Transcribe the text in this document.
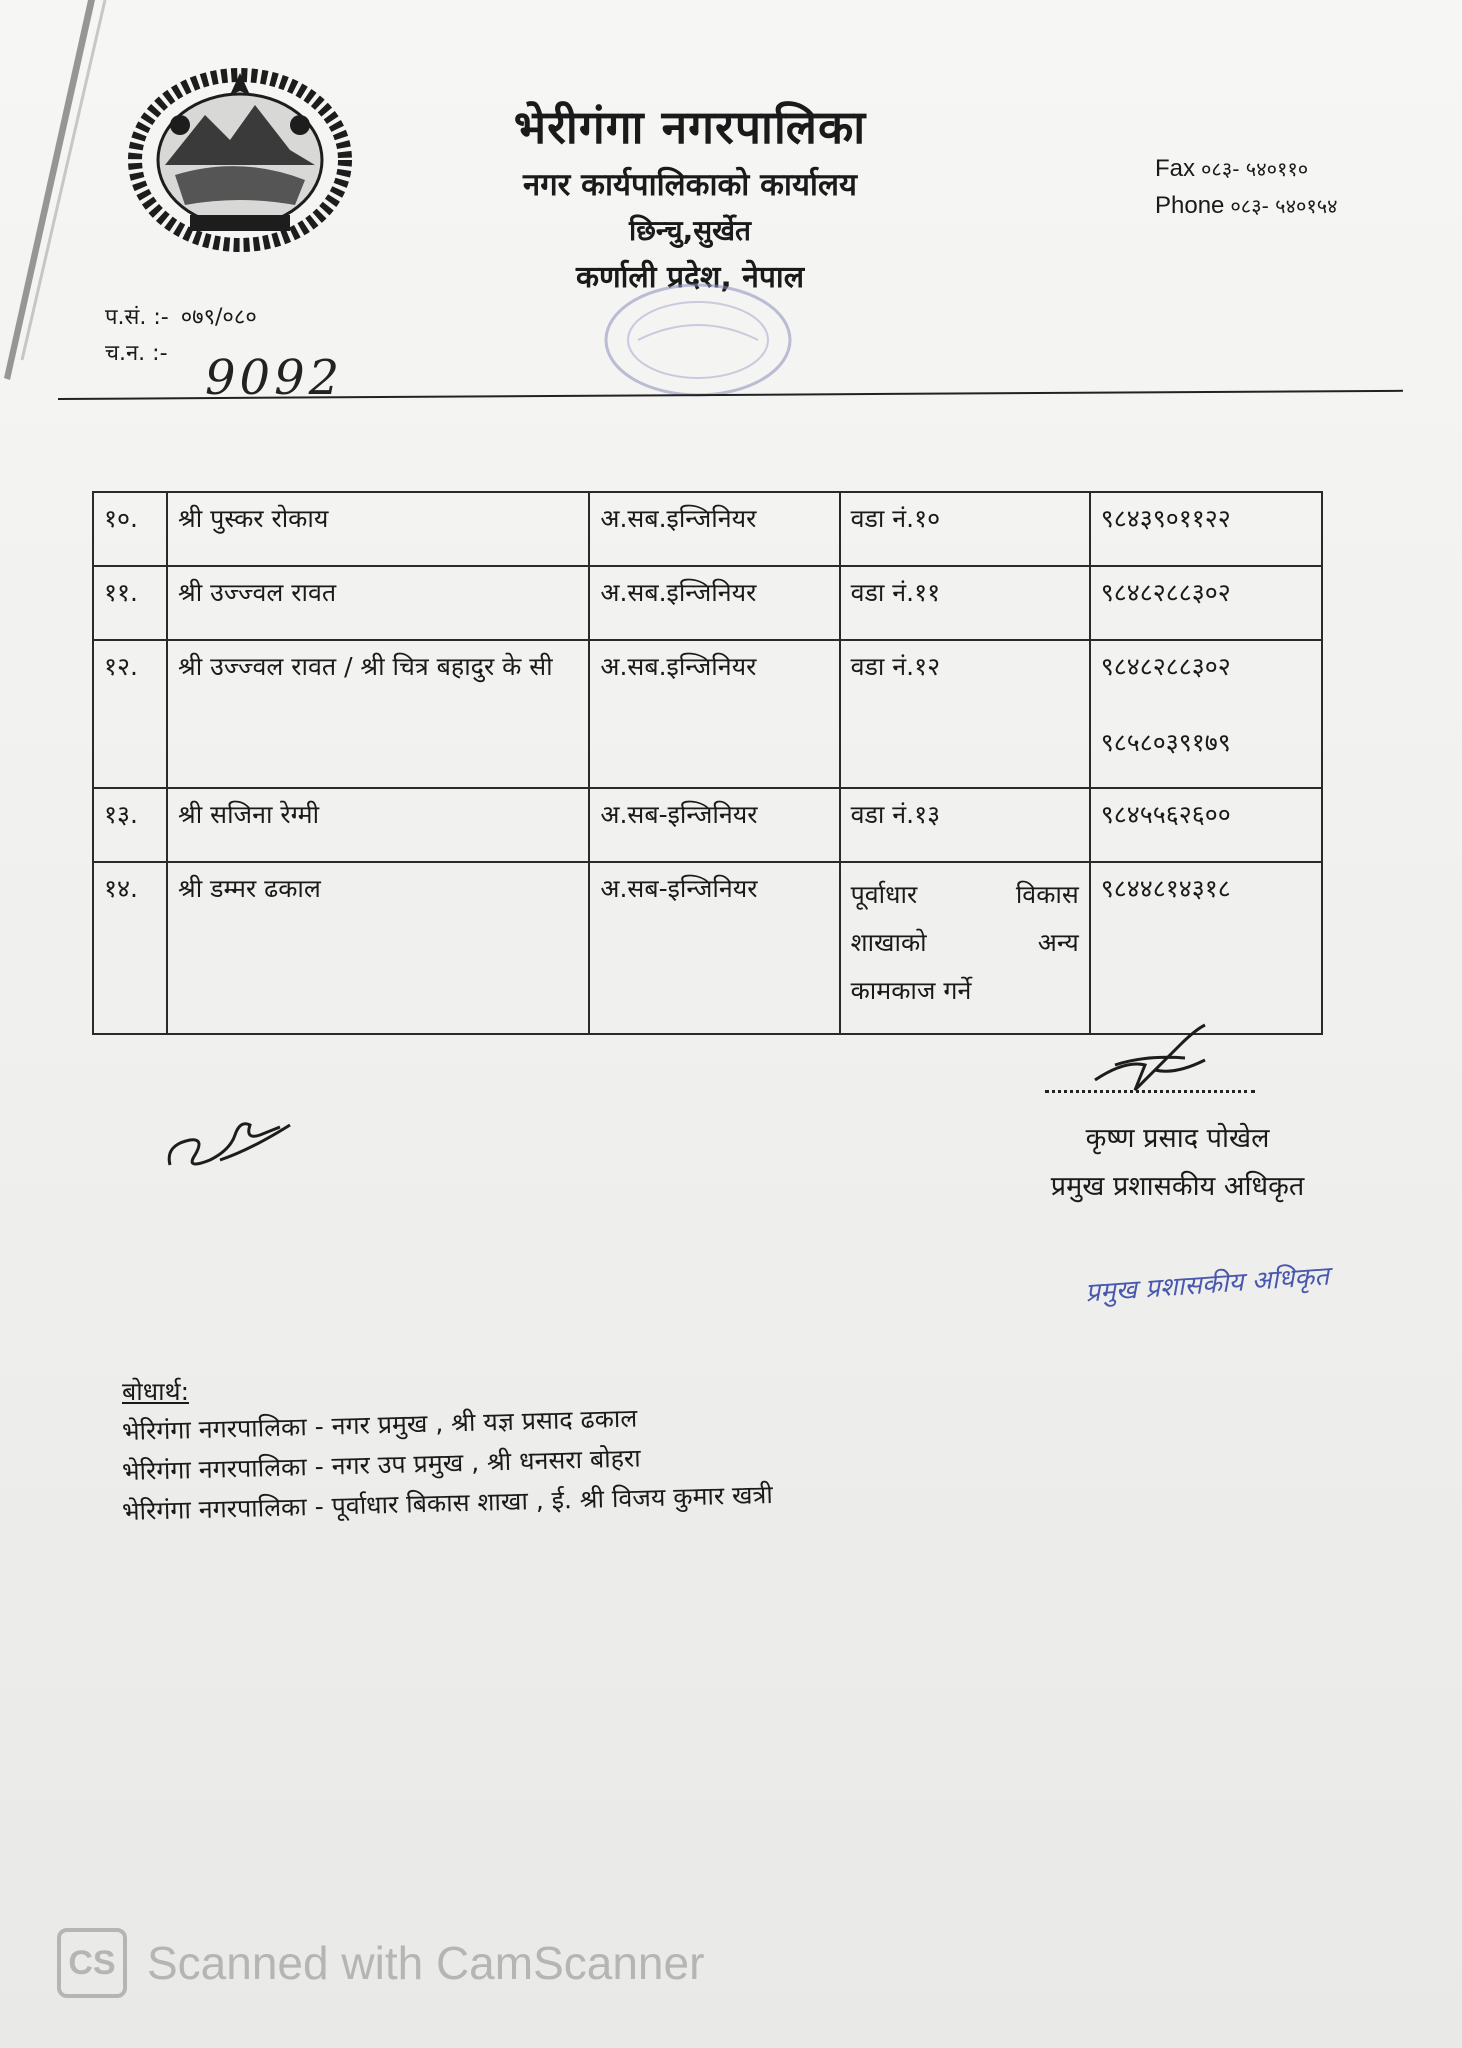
भेरीगंगा नगरपालिका
नगर कार्यपालिकाको कार्यालय
छिन्चु,सुर्खेत
कर्णाली प्रदेश, नेपाल
Fax ०८३- ५४०११०
Phone ०८३- ५४०१५४
प.सं. :- ०७९/०८०
च.न. :- 9092
१०.	श्री पुस्कर रोकाय	अ.सब.इन्जिनियर	वडा नं.१०	९८४३९०११२२
११.	श्री उज्ज्वल रावत	अ.सब.इन्जिनियर	वडा नं.११	९८४८२८८३०२
१२.	श्री उज्ज्वल रावत / श्री चित्र बहादुर के सी	अ.सब.इन्जिनियर	वडा नं.१२	९८४८२८८३०२
९८५८०३९१७९

१३.	श्री सजिना रेग्मी	अ.सब-इन्जिनियर	वडा नं.१३	९८४५५६२६००
१४.	श्री डम्मर ढकाल	अ.सब-इन्जिनियर	पूर्वाधार विकास
शाखाको अन्य
कामकाज गर्ने	९८४४८१४३१८
कृष्ण प्रसाद पोखेल
प्रमुख प्रशासकीय अधिकृत
प्रमुख प्रशासकीय अधिकृत
बोधार्थ:
भेरिगंगा नगरपालिका - नगर प्रमुख , श्री यज्ञ प्रसाद ढकाल
भेरिगंगा नगरपालिका - नगर उप प्रमुख , श्री धनसरा बोहरा
भेरिगंगा नगरपालिका - पूर्वाधार बिकास शाखा , ई. श्री विजय कुमार खत्री
CS Scanned with CamScanner
